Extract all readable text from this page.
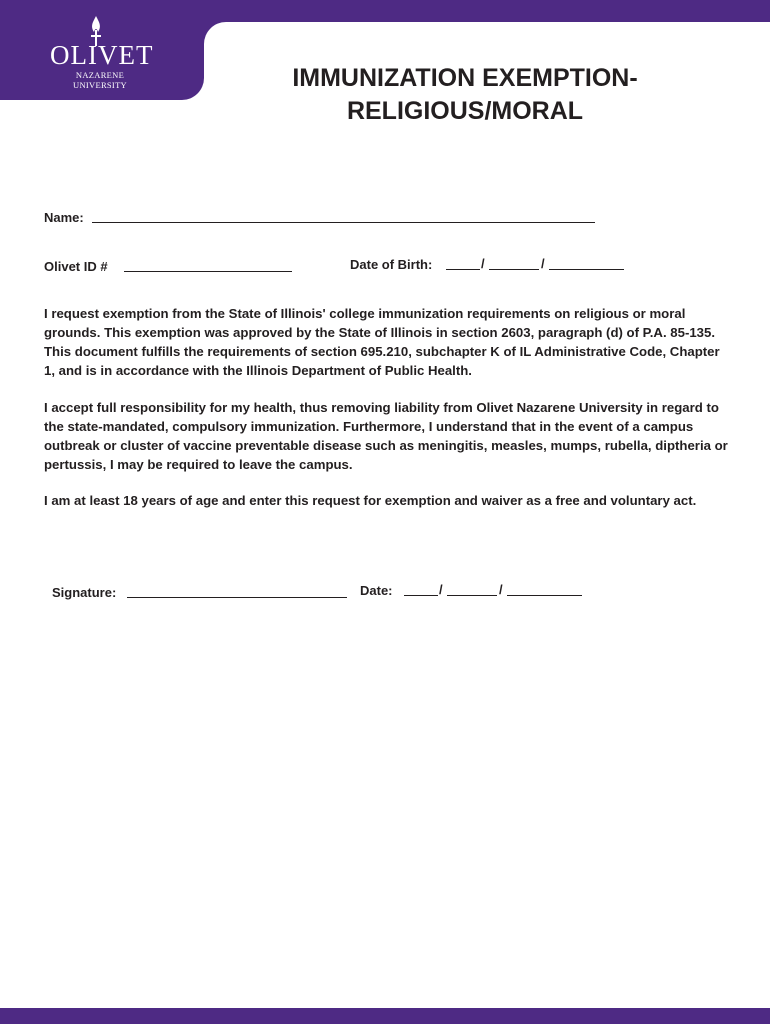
OLIVET
NAZARENE UNIVERSITY	IMMUNIZATION EXEMPTION-
RELIGIOUS/MORAL
Name:
Olivet ID #	Date of Birth:	/	/

I request exemption from the State of Illinois' college immunization requirements on religious or moral grounds. This exemption was approved by the State of Illinois in section 2603, paragraph (d) of P.A. 85-135. This document fulfills the requirements of section 695.210, subchapter K of IL Administrative Code, Chapter 1, and is in accordance with the Illinois Department of Public Health.

I accept full responsibility for my health, thus removing liability from Olivet Nazarene University in regard to the state-mandated, compulsory immunization. Furthermore, I understand that in the event of a campus outbreak or cluster of vaccine preventable disease such as meningitis, measles, mumps, rubella, diptheria or pertussis, I may be required to leave the campus.

I am at least 18 years of age and enter this request for exemption and waiver as a free and voluntary act.

Signature:	Date:	/	/
